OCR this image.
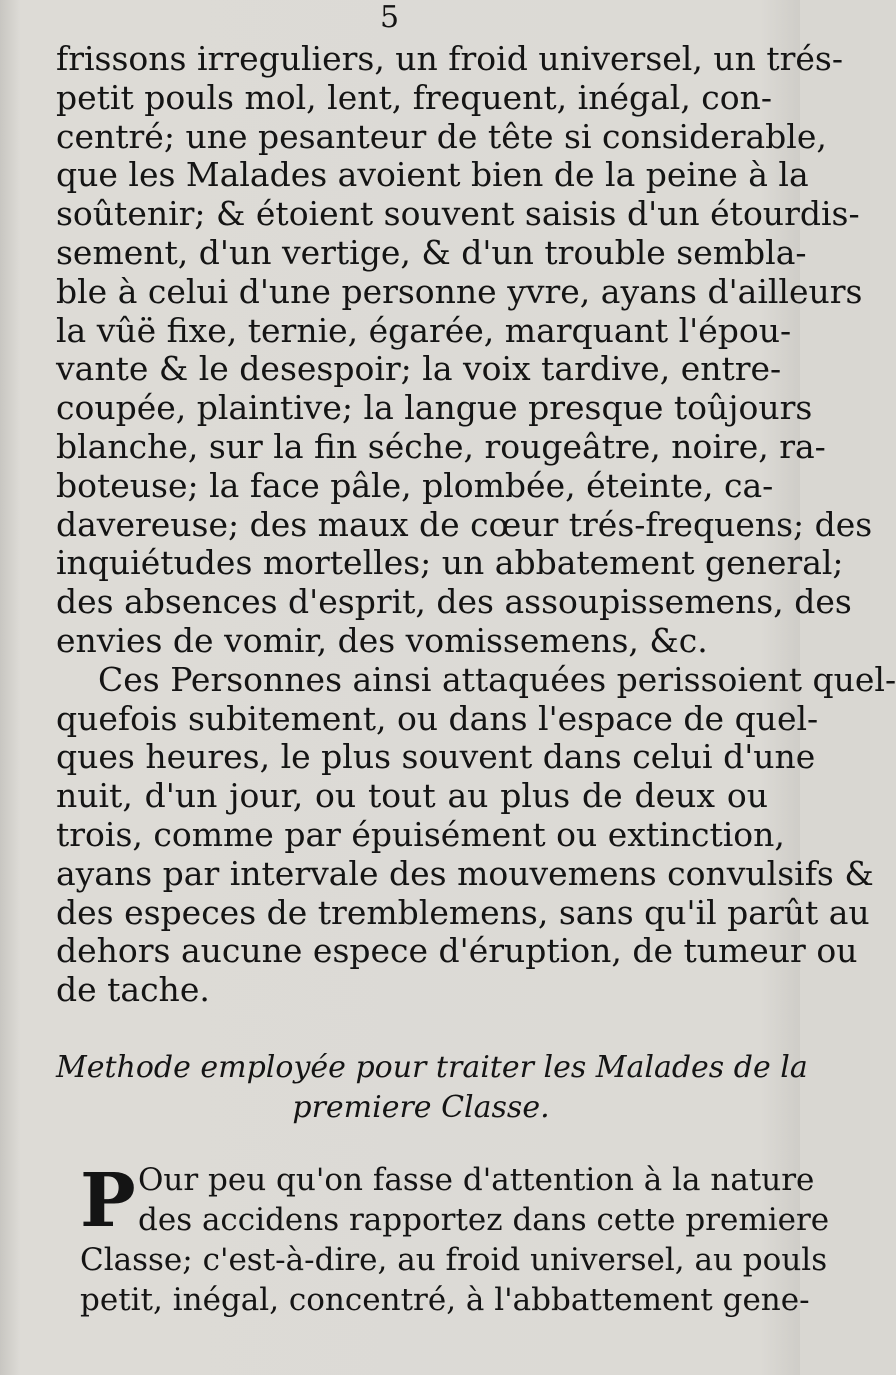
5
frissons irreguliers, un froid universel, un trés-
petit pouls mol, lent, frequent, inégal, con-
centré; une pesanteur de tête si considerable,
que les Malades avoient bien de la peine à la
soûtenir; & étoient souvent saisis d'un étourdis-
sement, d'un vertige, & d'un trouble sembla-
ble à celui d'une personne yvre, ayans d'ailleurs
la vûë fixe, ternie, égarée, marquant l'épou-
vante & le desespoir; la voix tardive, entre-
coupée, plaintive; la langue presque toûjours
blanche, sur la fin séche, rougeâtre, noire, ra-
boteuse; la face pâle, plombée, éteinte, ca-
davereuse; des maux de cœur trés-frequens; des
inquiétudes mortelles; un abbatement general;
des absences d'esprit, des assoupissemens, des
envies de vomir, des vomissemens, &c.
Ces Personnes ainsi attaquées perissoient quel-
quefois subitement, ou dans l'espace de quel-
ques heures, le plus souvent dans celui d'une
nuit, d'un jour, ou tout au plus de deux ou
trois, comme par épuisément ou extinction,
ayans par intervale des mouvemens convulsifs &
des especes de tremblemens, sans qu'il parût au
dehors aucune espece d'éruption, de tumeur ou
de tache.
Methode employée pour traiter les Malades de la
premiere Classe.
P Our peu qu'on fasse d'attention à la nature
des accidens rapportez dans cette premiere
Classe; c'est-à-dire, au froid universel, au pouls
petit, inégal, concentré, à l'abbattement gene-
